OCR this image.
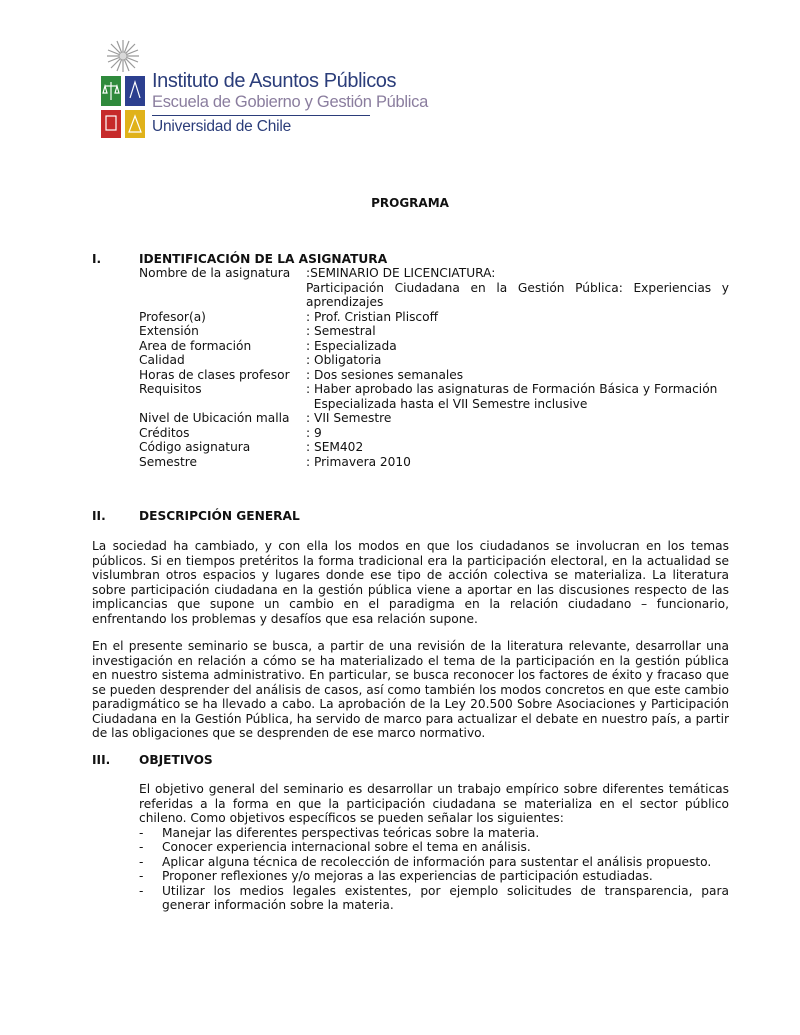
Instituto de Asuntos Públicos
Escuela de Gobierno y Gestión Pública
Universidad de Chile
PROGRAMA
I.	IDENTIFICACIÓN DE LA ASIGNATURA
Nombre de la asignatura	:SEMINARIO DE LICENCIATURA:
Participación Ciudadana en la Gestión Pública: Experiencias y
aprendizajes
Profesor(a)	: Prof. Cristian Pliscoff
Extensión	: Semestral
Area de formación	: Especializada
Calidad	: Obligatoria
Horas de clases profesor	: Dos sesiones semanales
Requisitos	: Haber aprobado las asignaturas de Formación Básica y Formación
Especializada hasta el VII Semestre inclusive
Nivel de Ubicación malla	: VII Semestre
Créditos	: 9
Código asignatura	: SEM402
Semestre	: Primavera 2010
II.	DESCRIPCIÓN GENERAL

La sociedad ha cambiado, y con ella los modos en que los ciudadanos se involucran en los temas públicos. Si en tiempos pretéritos la forma tradicional era la participación electoral, en la actualidad se vislumbran otros espacios y lugares donde ese tipo de acción colectiva se materializa. La literatura sobre participación ciudadana en la gestión pública viene a aportar en las discusiones respecto de las implicancias que supone un cambio en el paradigma en la relación ciudadano – funcionario, enfrentando los problemas y desafíos que esa relación supone.

En el presente seminario se busca, a partir de una revisión de la literatura relevante, desarrollar una investigación en relación a cómo se ha materializado el tema de la participación en la gestión pública en nuestro sistema administrativo. En particular, se busca reconocer los factores de éxito y fracaso que se pueden desprender del análisis de casos, así como también los modos concretos en que este cambio paradigmático se ha llevado a cabo. La aprobación de la Ley 20.500 Sobre Asociaciones y Participación Ciudadana en la Gestión Pública, ha servido de marco para actualizar el debate en nuestro país, a partir de las obligaciones que se desprenden de ese marco normativo.

III. OBJETIVOS

El objetivo general del seminario es desarrollar un trabajo empírico sobre diferentes temáticas referidas a la forma en que la participación ciudadana se materializa en el sector público chileno. Como objetivos específicos se pueden señalar los siguientes:

- Manejar las diferentes perspectivas teóricas sobre la materia.
- Conocer experiencia internacional sobre el tema en análisis.
- Aplicar alguna técnica de recolección de información para sustentar el análisis propuesto.
- Proponer reflexiones y/o mejoras a las experiencias de participación estudiadas.
- Utilizar los medios legales existentes, por ejemplo solicitudes de transparencia, para generar información sobre la materia.
